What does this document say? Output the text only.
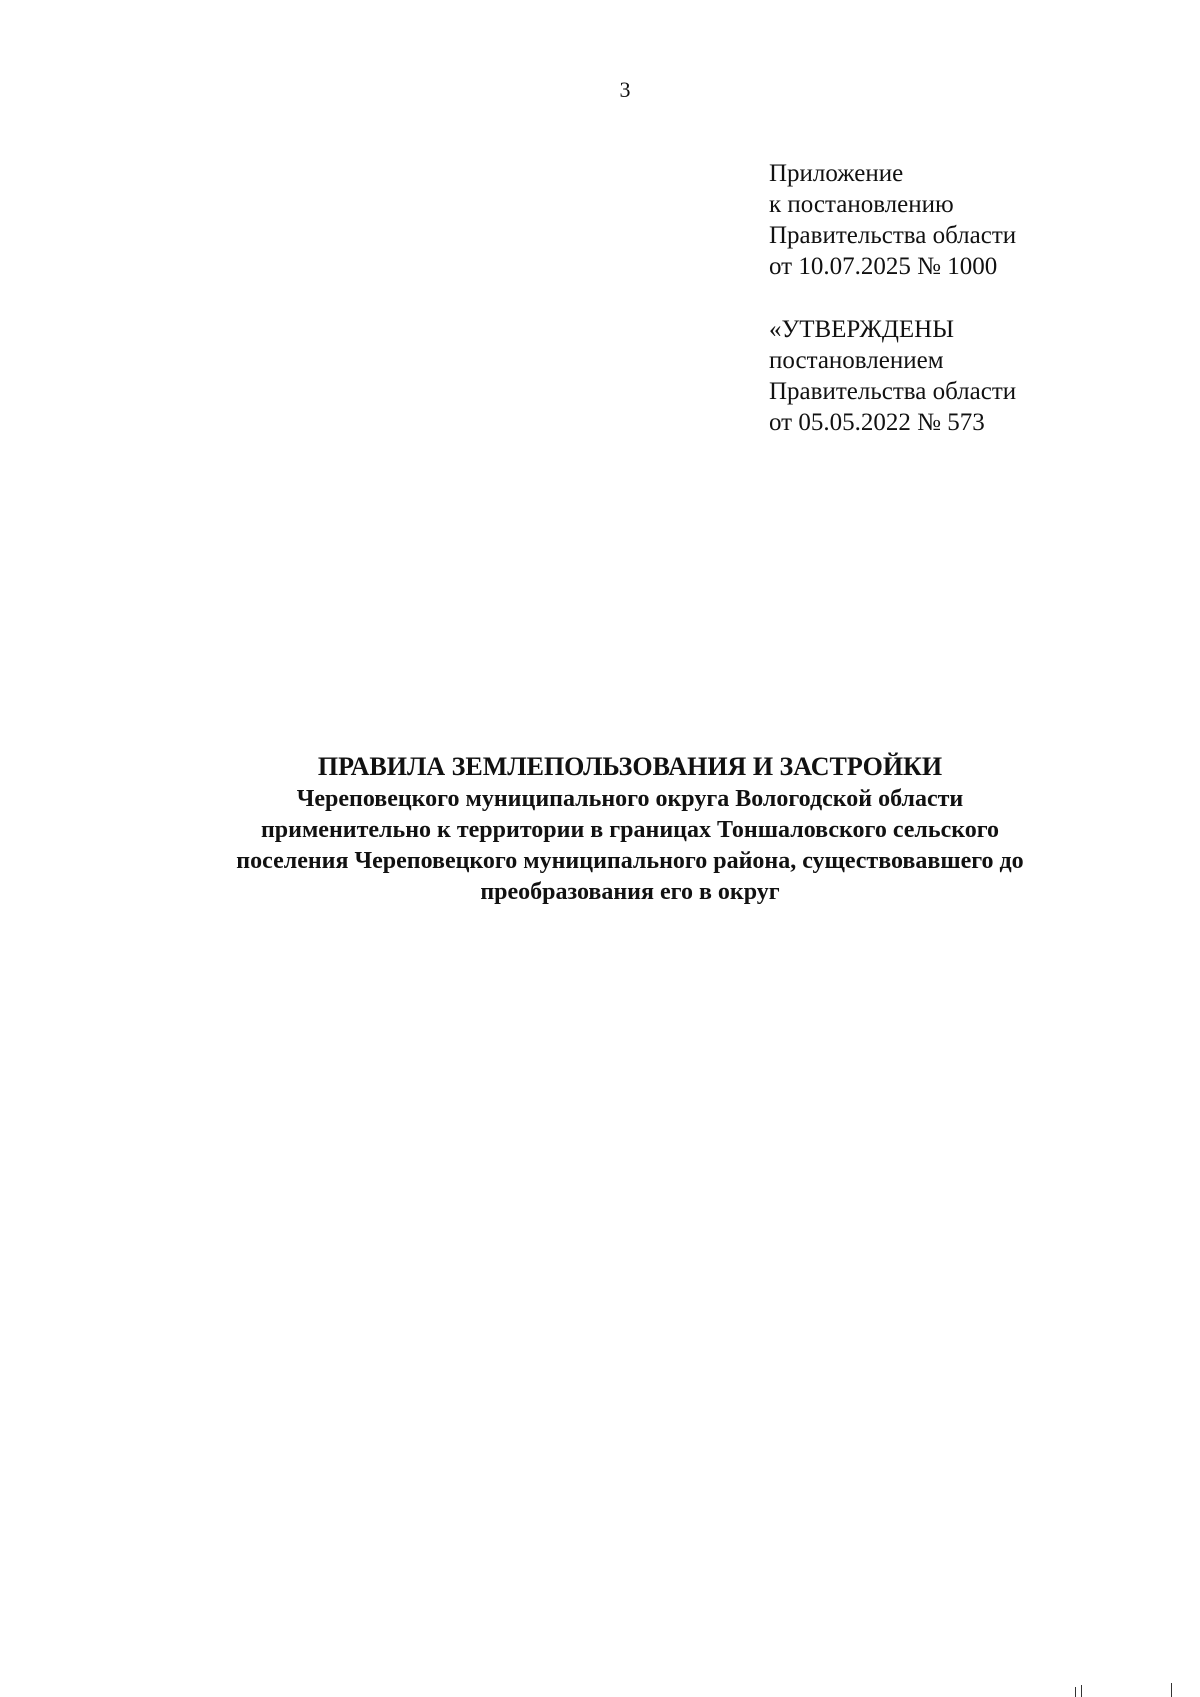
3
Приложение
к постановлению
Правительства области
от 10.07.2025 № 1000
«УТВЕРЖДЕНЫ
постановлением
Правительства области
от 05.05.2022 № 573
ПРАВИЛА ЗЕМЛЕПОЛЬЗОВАНИЯ И ЗАСТРОЙКИ
Череповецкого муниципального округа Вологодской области
применительно к территории в границах Тоншаловского сельского
поселения Череповецкого муниципального района, существовавшего до
преобразования его в округ
